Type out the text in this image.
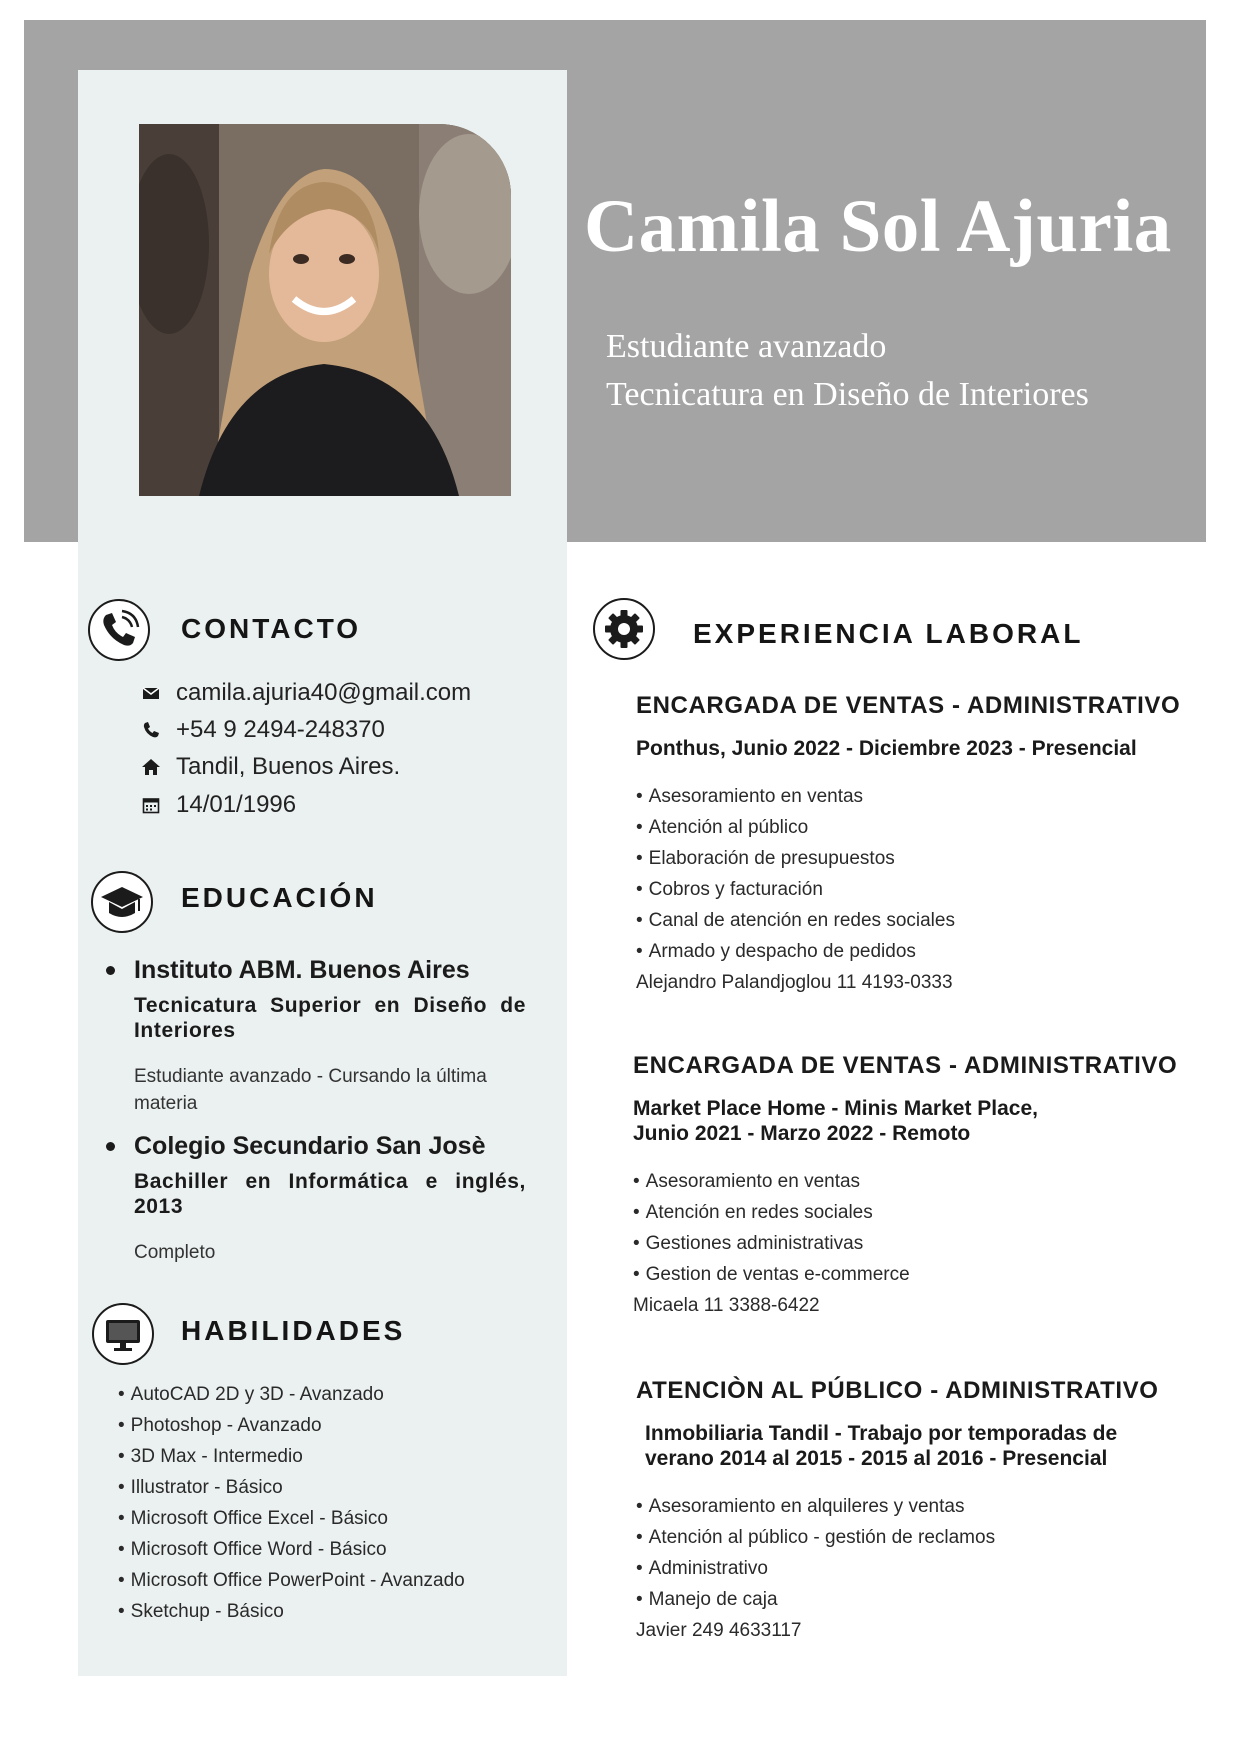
Camila Sol Ajuria
Estudiante avanzado
Tecnicatura en Diseño de Interiores
CONTACTO
camila.ajuria40@gmail.com
+54 9 2494-248370
Tandil, Buenos Aires.
14/01/1996
EDUCACIÓN
Instituto ABM. Buenos Aires
Tecnicatura Superior en Diseño de Interiores
Estudiante avanzado - Cursando la última materia
Colegio Secundario San Josè
Bachiller en Informática e inglés, 2013
Completo
HABILIDADES
• AutoCAD 2D y 3D - Avanzado
• Photoshop - Avanzado
• 3D Max - Intermedio
• Illustrator - Básico
• Microsoft Office Excel - Básico
• Microsoft Office Word - Básico
• Microsoft Office PowerPoint - Avanzado
• Sketchup - Básico
EXPERIENCIA LABORAL
ENCARGADA DE VENTAS - ADMINISTRATIVO
Ponthus, Junio 2022 - Diciembre 2023 - Presencial
• Asesoramiento en ventas
• Atención al público
• Elaboración de presupuestos
• Cobros y facturación
• Canal de atención en redes sociales
• Armado y despacho de pedidos
Alejandro Palandjoglou 11 4193-0333
ENCARGADA DE VENTAS - ADMINISTRATIVO
Market Place Home - Minis Market Place,
Junio 2021 - Marzo 2022 - Remoto
• Asesoramiento en ventas
• Atención en redes sociales
• Gestiones administrativas
• Gestion de ventas e-commerce
Micaela 11 3388-6422
ATENCIÒN AL PÚBLICO - ADMINISTRATIVO
Inmobiliaria Tandil - Trabajo por temporadas de
verano 2014 al 2015 - 2015 al 2016 - Presencial
• Asesoramiento en alquileres y ventas
• Atención al público - gestión de reclamos
• Administrativo
• Manejo de caja
Javier 249 4633117
